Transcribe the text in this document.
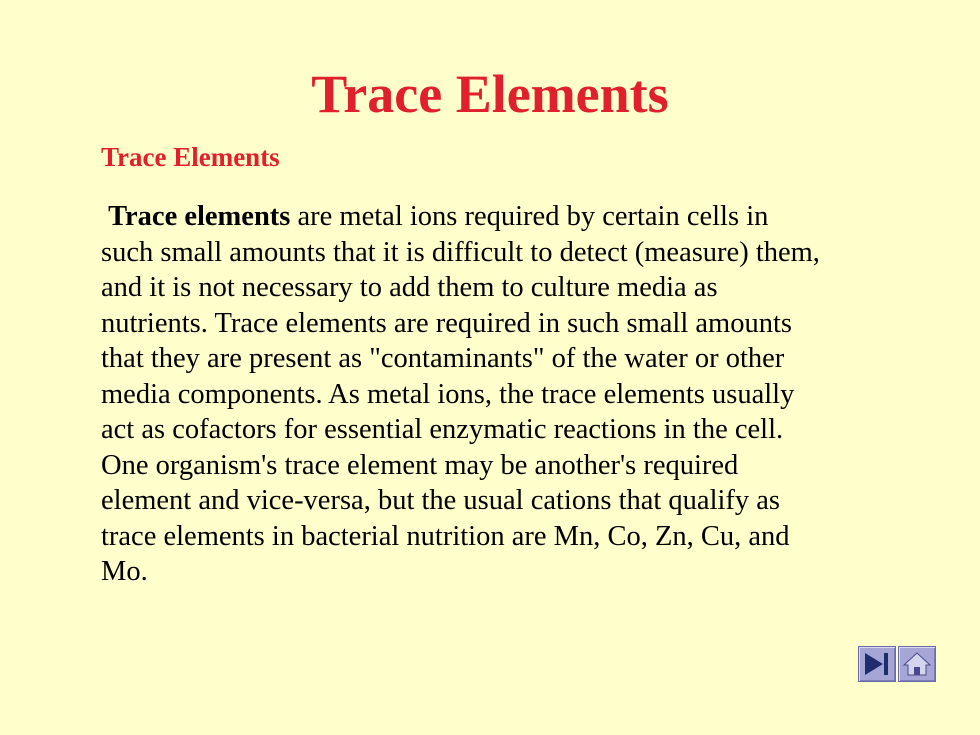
Trace Elements
Trace Elements
Trace elements are metal ions required by certain cells in
such small amounts that it is difficult to detect (measure) them,
and it is not necessary to add them to culture media as
nutrients. Trace elements are required in such small amounts
that they are present as "contaminants" of the water or other
media components. As metal ions, the trace elements usually
act as cofactors for essential enzymatic reactions in the cell.
One organism's trace element may be another's required
element and vice-versa, but the usual cations that qualify as
trace elements in bacterial nutrition are Mn, Co, Zn, Cu, and
Mo.
